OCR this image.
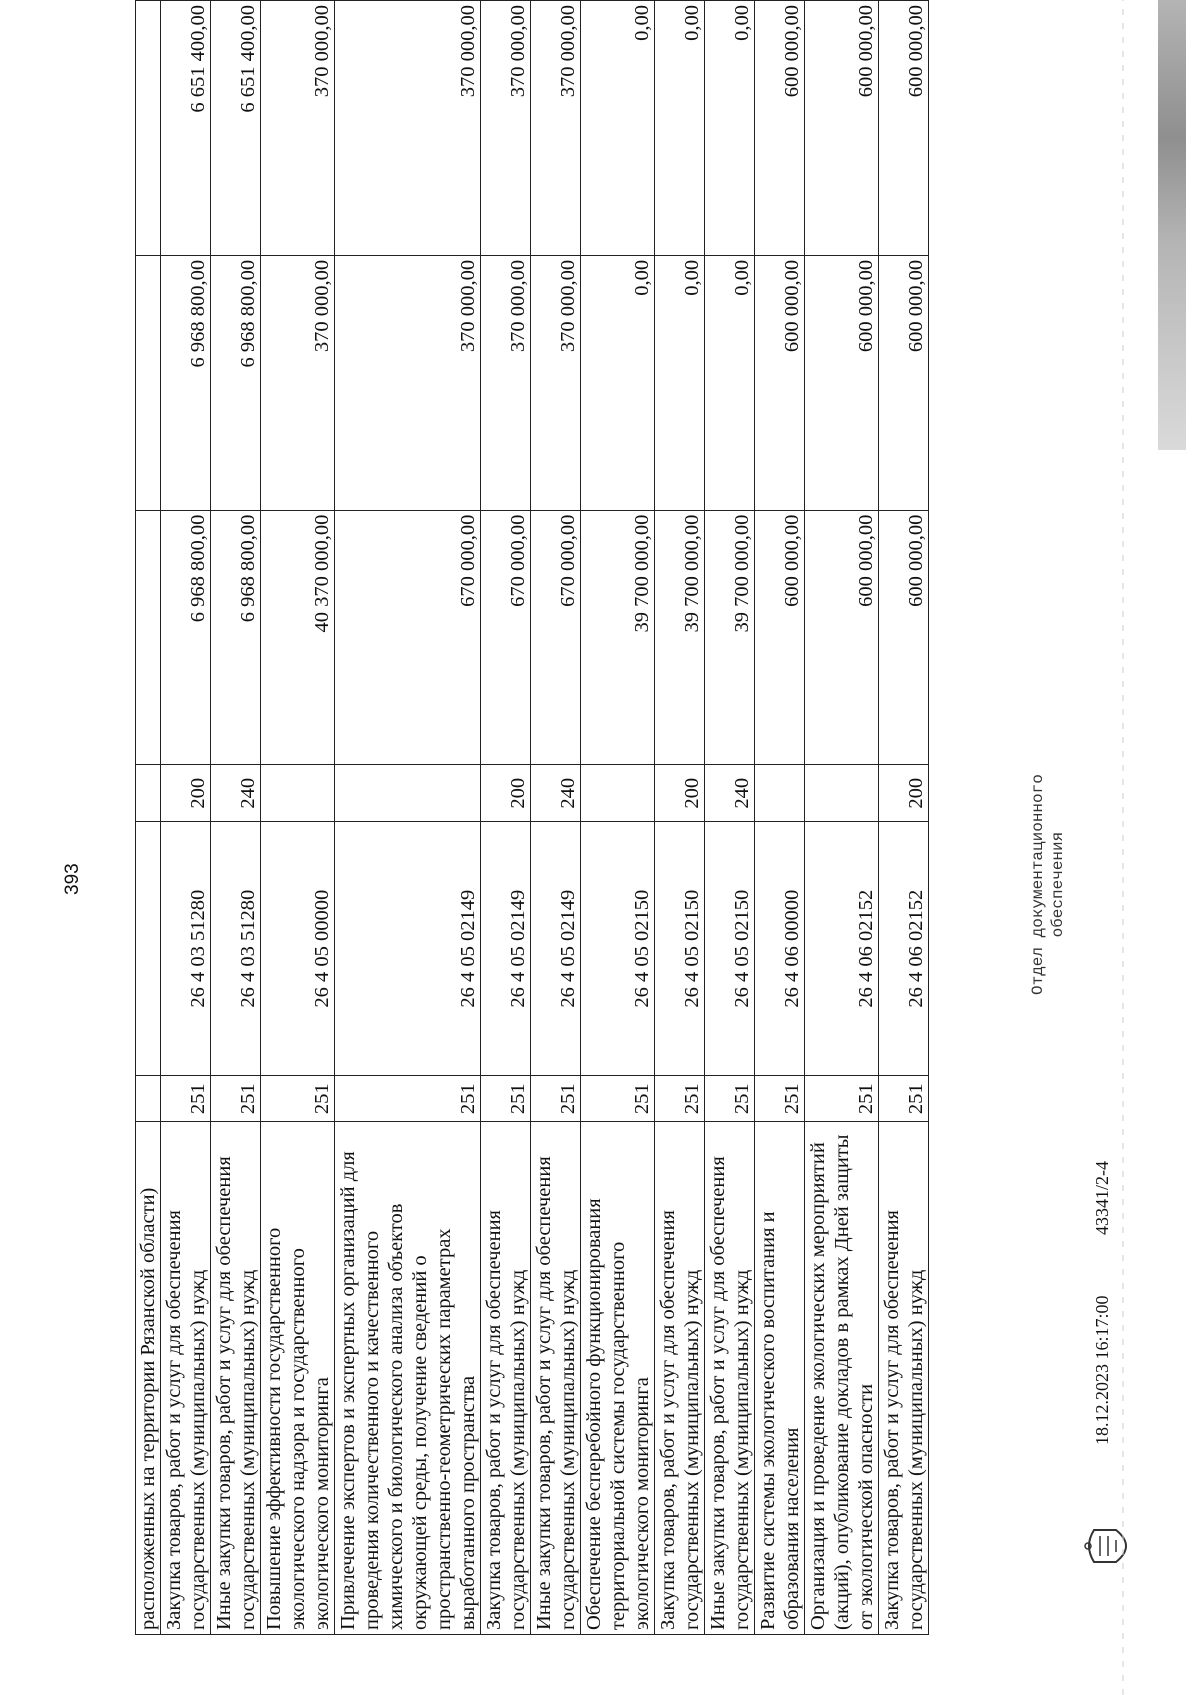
393
расположенных на территории Рязанской области)						
Закупка товаров, работ и услуг для обеспечения государственных (муниципальных) нужд	251	26 4 03 51280	200	6 968 800,00	6 968 800,00	6 651 400,00
Иные закупки товаров, работ и услуг для обеспечения государственных (муниципальных) нужд	251	26 4 03 51280	240	6 968 800,00	6 968 800,00	6 651 400,00
Повышение эффективности государственного экологического надзора и государственного экологического мониторинга	251	26 4 05 00000		40 370 000,00	370 000,00	370 000,00
Привлечение экспертов и экспертных организаций для проведения количественного и качественного химического и биологического анализа объектов окружающей среды, получение сведений о пространственно-геометрических параметрах выработанного пространства	251	26 4 05 02149		670 000,00	370 000,00	370 000,00
Закупка товаров, работ и услуг для обеспечения государственных (муниципальных) нужд	251	26 4 05 02149	200	670 000,00	370 000,00	370 000,00
Иные закупки товаров, работ и услуг для обеспечения государственных (муниципальных) нужд	251	26 4 05 02149	240	670 000,00	370 000,00	370 000,00
Обеспечение бесперебойного функционирования территориальной системы государственного экологического мониторинга	251	26 4 05 02150		39 700 000,00	0,00	0,00
Закупка товаров, работ и услуг для обеспечения государственных (муниципальных) нужд	251	26 4 05 02150	200	39 700 000,00	0,00	0,00
Иные закупки товаров, работ и услуг для обеспечения государственных (муниципальных) нужд	251	26 4 05 02150	240	39 700 000,00	0,00	0,00
Развитие системы экологического воспитания и образования населения	251	26 4 06 00000		600 000,00	600 000,00	600 000,00
Организация и проведение экологических мероприятий (акций), опубликование докладов в рамках Дней защиты от экологической опасности	251	26 4 06 02152		600 000,00	600 000,00	600 000,00
Закупка товаров, работ и услуг для обеспечения государственных (муниципальных) нужд	251	26 4 06 02152	200	600 000,00	600 000,00	600 000,00
18.12.2023 16:17:00
43341/2-4
Отдел документационного обеспечения
